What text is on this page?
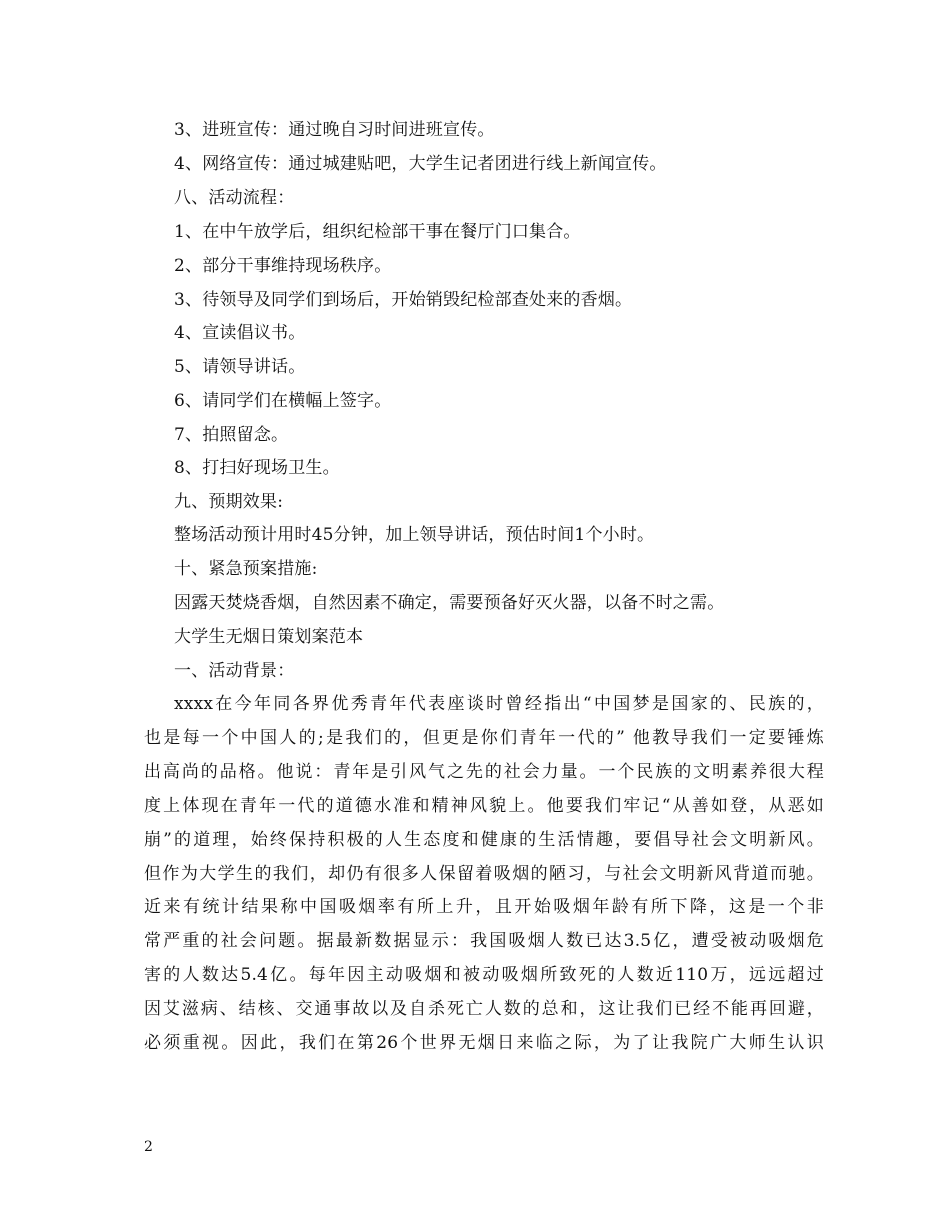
3、进班宣传：通过晚自习时间进班宣传。
4、网络宣传：通过城建贴吧，大学生记者团进行线上新闻宣传。
八、活动流程：
1、在中午放学后，组织纪检部干事在餐厅门口集合。
2、部分干事维持现场秩序。
3、待领导及同学们到场后，开始销毁纪检部查处来的香烟。
4、宣读倡议书。
5、请领导讲话。
6、请同学们在横幅上签字。
7、拍照留念。
8、打扫好现场卫生。
九、预期效果:
整场活动预计用时45分钟，加上领导讲话，预估时间1个小时。
十、紧急预案措施:
因露天焚烧香烟，自然因素不确定，需要预备好灭火器，以备不时之需。
大学生无烟日策划案范本
一、活动背景：
xxxx在今年同各界优秀青年代表座谈时曾经指出“中国梦是国家的、民族的，
也是每一个中国人的;是我们的，但更是你们青年一代的” 他教导我们一定要锤炼
出高尚的品格。他说：青年是引风气之先的社会力量。一个民族的文明素养很大程
度上体现在青年一代的道德水准和精神风貌上。他要我们牢记“从善如登，从恶如
崩”的道理，始终保持积极的人生态度和健康的生活情趣，要倡导社会文明新风。
但作为大学生的我们，却仍有很多人保留着吸烟的陋习，与社会文明新风背道而驰。
近来有统计结果称中国吸烟率有所上升，且开始吸烟年龄有所下降，这是一个非
常严重的社会问题。据最新数据显示：我国吸烟人数已达3.5亿，遭受被动吸烟危
害的人数达5.4亿。每年因主动吸烟和被动吸烟所致死的人数近110万，远远超过
因艾滋病、结核、交通事故以及自杀死亡人数的总和，这让我们已经不能再回避，
必须重视。因此，我们在第26个世界无烟日来临之际，为了让我院广大师生认识
2
